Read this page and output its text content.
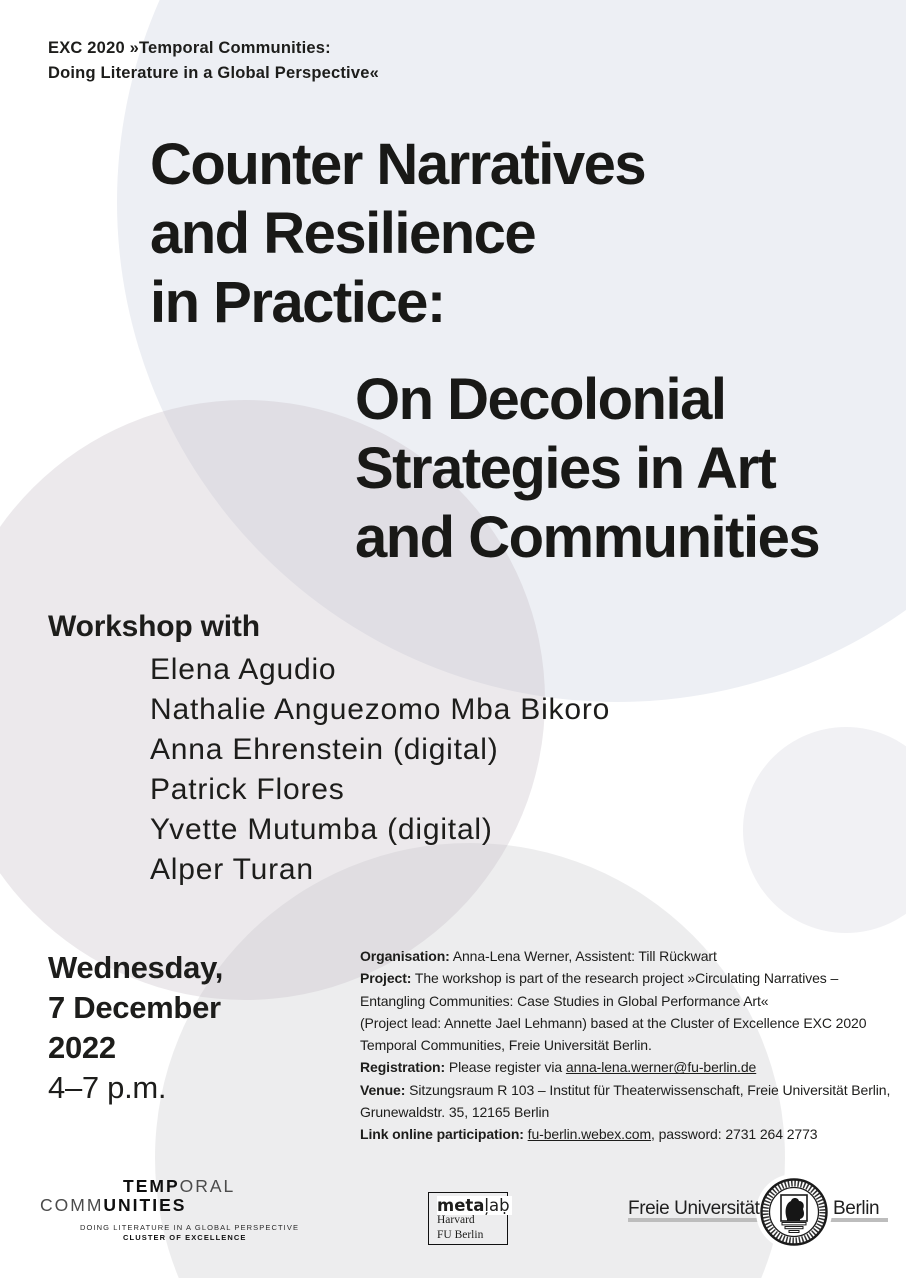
EXC 2020 »Temporal Communities:
Doing Literature in a Global Perspective«
Counter Narratives
and Resilience
in Practice:
On Decolonial
Strategies in Art
and Communities
Workshop with
Elena Agudio
Nathalie Anguezomo Mba Bikoro
Anna Ehrenstein (digital)
Patrick Flores
Yvette Mutumba (digital)
Alper Turan
Wednesday,
7 December
2022
4–7 p.m.
Organisation: Anna-Lena Werner, Assistent: Till Rückwart
Project: The workshop is part of the research project »Circulating Narratives –
Entangling Communities: Case Studies in Global Performance Art«
(Project lead: Annette Jael Lehmann) based at the Cluster of Excellence EXC 2020
Temporal Communities, Freie Universität Berlin.
Registration: Please register via anna-lena.werner@fu-berlin.de
Venue: Sitzungsraum R 103 – Institut für Theaterwissenschaft, Freie Universität Berlin,
Grunewaldstr. 35, 12165 Berlin
Link online participation: fu-berlin.webex.com, password: 2731 264 2773
TEMPORAL
COMMUNITIES
DOING LITERATURE IN A GLOBAL PERSPECTIVE
CLUSTER OF EXCELLENCE
metaļaḅ
Harvard
FU Berlin
Freie Universität	Berlin
